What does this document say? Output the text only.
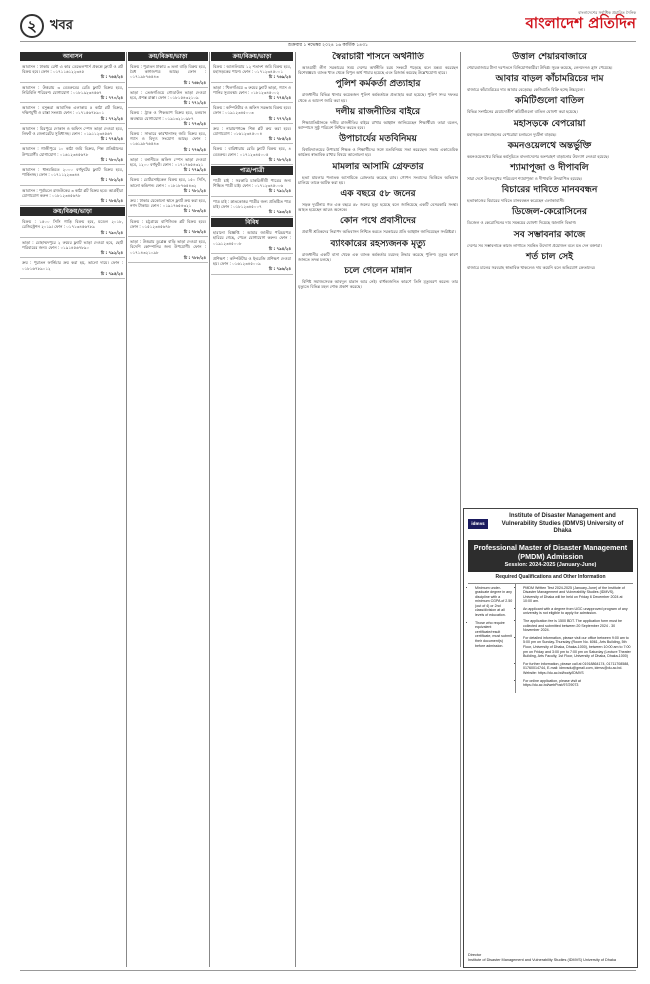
২	খবর
বাংলাদেশের সর্বাধিক প্রচারিত দৈনিক
বাংলাদেশ প্রতিদিন
শুক্রবার ১ নভেম্বর ২০২৪ ১৬ কার্তিক ১৪৩১
আবাসন
আবাসন : ঢাকায় রেন্ট এ কার ডেভেলপার্স প্রকল্পে ফ্ল্যাট ও প্লট বিক্রয় হবে। ফোন : ০১৭১১৬১২২৩৪৫
চি : ৭৬৫/২৪
আবাসন : উত্তরায় ৩ বেডরুমের রেডি ফ্ল্যাট বিক্রয় হবে, নিরিবিলি পরিবেশ। যোগাযোগ : ০১৮১৯২৩৪৫৬৭
চি : ৭৭০/২৪
আবাসন : বসুন্ধরা আবাসিক এলাকায় ৫ কাঠা প্লট বিক্রয়, দক্ষিণমুখী ও রাস্তা সংলগ্ন। ফোন : ০১৭১৫৬৭৮৯০১
চি : ৭৭২/২৪
আবাসন : মিরপুরে দোকান ও অফিস স্পেস ভাড়া দেওয়া হবে, লিফট ও জেনারেটর সুবিধাসহ। ফোন : ০১৯১১২৩৪৫৬৭
চি : ৭৭৫/২৪
আবাসন : গাজীপুরে ১০ কাঠা জমি বিক্রয়, শিল্প প্রতিষ্ঠানের উপযোগী। যোগাযোগ : ০১৬১২৩৪৫৬৭৮
চি : ৭৮০/২৪
আবাসন : ধানমন্ডিতে ২০০০ বর্গফুটের ফ্ল্যাট বিক্রয় হবে, পার্কিংসহ। ফোন : ০১৭১১২২৩৩৪৪
চি : ৭৮২/২৪
আবাসন : পূর্বাচলে রাজউকের ৩ কাঠা প্লট বিক্রয় হবে। আগ্রহীরা যোগাযোগ করুন : ০১৮১২৩৪৫৬৭৮
চি : ৭৮৪/২৪
ক্রয়/বিক্রয়/ভাড়া
বিক্রয় : ১৫০০ সিসি গাড়ি বিক্রয় হবে, মডেল ২০১৮, রেজিস্ট্রেশন ২০১৯। ফোন : ০১৭১৩৪৫৬৭৮৯
চি : ৭৯০/২৪
ভাড়া : মোহাম্মদপুরে ২ রুমের ফ্ল্যাট ভাড়া দেওয়া হবে, ছোট পরিবারের জন্য। ফোন : ০১৯১৪৫৬৭৮৯০
চি : ৭৯২/২৪
ক্রয় : পুরাতন ফার্নিচার ক্রয় করা হয়, ভালো দামে। ফোন : ০১৮১৬৭৮৯০১২
চি : ৭৯৫/২৪
ক্রয়/বিক্রয়/ভাড়া
বিক্রয় : পুরাতন ঢাকায় ৩ তলা বাড়ি বিক্রয় হবে, বৈধ কাগজপত্র আছে। ফোন : ০১৭১৯৮৭৬৫৪৩
চি : ৭৬৮/২৪
ভাড়া : তেজগাঁওয়ে গোডাউন ভাড়া দেওয়া হবে, প্রশস্ত রাস্তা। ফোন : ০১৮১৫৪৩২১০৯
চি : ৭৭১/২৪
বিক্রয় : ট্রাক ও পিকআপ বিক্রয় হবে, চলমান অবস্থায়। যোগাযোগ : ০১৯১৩২১০৯৮৭
চি : ৭৭৩/২৪
বিক্রয় : সাভারে কারখানাসহ জমি বিক্রয় হবে, গ্যাস ও বিদ্যুৎ সংযোগ আছে। ফোন : ০১৬১৯৮৭৬৫৪৩
চি : ৭৭৬/২৪
ভাড়া : বনানীতে অফিস স্পেস ভাড়া দেওয়া হবে, ১২০০ বর্গফুট। ফোন : ০১৭১৭৬৫৪৩২১
চি : ৭৭৯/২৪
বিক্রয় : মোটরসাইকেল বিক্রয় হবে, ১৫০ সিসি, ভালো কন্ডিশন। ফোন : ০১৮১৮৭৬৫৪৩২
চি : ৭৮১/২৪
ক্রয় : ঢাকার যেকোনো স্থানে ফ্ল্যাট ক্রয় করা হবে, নগদ টাকায়। ফোন : ০১৯১৭৬৫৪৩২১
চি : ৭৮৩/২৪
বিক্রয় : চট্টগ্রামে বাণিজ্যিক প্লট বিক্রয় হবে। ফোন : ০১৫১২৩৪৫৬৭৮
চি : ৭৮৬/২৪
ভাড়া : উত্তরায় ডুপ্লেক্স বাড়ি ভাড়া দেওয়া হবে, বিদেশি কোম্পানির জন্য উপযোগী। ফোন : ০১৭১৪৩২১০৯৮
চি : ৭৮৮/২৪
ক্রয়/বিক্রয়/ভাড়া
বিক্রয় : আশুলিয়ায় ১২ শতাংশ জমি বিক্রয় হবে, মহাসড়কের পাশে। ফোন : ০১৭১২৩৪৫০০১
চি : ৭৬৯/২৪
ভাড়া : খিলগাঁওয়ে ৩ রুমের ফ্ল্যাট ভাড়া, গ্যাস ও পানির সুব্যবস্থা। ফোন : ০১৮১২৩৪৫০০২
চি : ৭৭৪/২৪
বিক্রয় : কম্পিউটার ও অফিস সরঞ্জাম বিক্রয় হবে। ফোন : ০১৯১২৩৪৫০০৩
চি : ৭৭৭/২৪
ক্রয় : নারায়ণগঞ্জে শিল্প প্লট ক্রয় করা হবে। যোগাযোগ : ০১৬১২৩৪৫০০৪
চি : ৭৮৫/২৪
বিক্রয় : বারিধারায় রেডি ফ্ল্যাট বিক্রয় হবে, ৪ বেডরুম। ফোন : ০১৭১২৩৪৫০০৫
চি : ৭৮৭/২৪
পাত্র/পাত্রী
পাত্রী চাই : সরকারি চাকরিজীবী পাত্রের জন্য শিক্ষিত পাত্রী চাই। ফোন : ০১৭১২৩৪৫০০৬
চি : ৭৯১/২৪
পাত্র চাই : স্নাতকোত্তর পাত্রীর জন্য প্রতিষ্ঠিত পাত্র চাই। ফোন : ০১৮১২৩৪৫০০৭
চি : ৭৯৩/২৪
বিবিধ
হারানো বিজ্ঞপ্তি : আমার জাতীয় পরিচয়পত্র হারিয়ে গেছে, পেলে যোগাযোগ করুন। ফোন : ০১৯১২৩৪৫০০৮
চি : ৭৯৪/২৪
প্রশিক্ষণ : কম্পিউটার ও ইংরেজি প্রশিক্ষণ দেওয়া হয়। ফোন : ০১৬১২৩৪৫০০৯
চি : ৭৯৬/২৪
স্বৈরাচারী শাসনে অর্থনীতি

আওয়ামী লীগ সরকারের সময় দেশের অর্থনীতি চরম সংকটে পড়েছে বলে মন্তব্য করেছেন বিশেষজ্ঞরা। ব্যাংক খাত থেকে বিপুল অর্থ পাচার হয়েছে এবং রিজার্ভ কমেছে উল্লেখযোগ্য হারে।

পুলিশ কর্মকর্তা প্রত্যাহার

রাজধানীর বিভিন্ন থানার কয়েকজন পুলিশ কর্মকর্তাকে প্রত্যাহার করা হয়েছে। পুলিশ সদর দফতর থেকে এ আদেশ জারি করা হয়।

দলীয় রাজনীতির বাইরে

শিক্ষাপ্রতিষ্ঠানকে দলীয় রাজনীতির বাইরে রাখার আহ্বান জানিয়েছেন শিক্ষার্থীরা। তারা বলেন, ক্যাম্পাসে সুষ্ঠু পরিবেশ নিশ্চিত করতে হবে।

উপাচার্যের মতবিনিময়

বিশ্ববিদ্যালয়ের উপাচার্য শিক্ষক ও শিক্ষার্থীদের সঙ্গে মতবিনিময় সভা করেছেন। সভায় একাডেমিক কার্যক্রম স্বাভাবিক রাখার বিষয়ে আলোচনা হয়।

মামলার আসামি গ্রেফতার

হত্যা মামলার পলাতক আসামিকে গ্রেফতার করেছে র‌্যাব। গোপন সংবাদের ভিত্তিতে অভিযান চালিয়ে তাকে আটক করা হয়।

এক বছরে ৫৮ জনের

সড়ক দুর্ঘটনায় গত এক বছরে ৫৮ জনের মৃত্যু হয়েছে বলে জানিয়েছে একটি বেসরকারি সংস্থা। আহত হয়েছেন আরও অনেকে।

কোন পথে প্রবাসীদের

প্রবাসী শ্রমিকদের নিরাপদ অভিবাসন নিশ্চিত করতে সরকারের প্রতি আহ্বান জানিয়েছেন সংশ্লিষ্টরা।

ব্যাংকারের রহস্যজনক মৃত্যু

রাজধানীর একটি বাসা থেকে এক ব্যাংক কর্মকর্তার মরদেহ উদ্ধার করেছে পুলিশ। মৃত্যুর কারণ জানতে তদন্ত চলছে।

চলে গেলেন মান্নান

বিশিষ্ট সমাজসেবক আবদুল মান্নান আর নেই। বার্ধক্যজনিত কারণে তিনি মৃত্যুবরণ করেন। তার মৃত্যুতে বিভিন্ন মহল শোক প্রকাশ করেছে।

উত্তাল শেয়ারবাজারে

শেয়ারবাজারে টানা দরপতনে বিনিয়োগকারীরা উদ্বিগ্ন। সূচক কমেছে, লেনদেনও হ্রাস পেয়েছে।

আবার বাড়ল কাঁচামরিচের দাম

বাজারে কাঁচামরিচের দাম আবার বেড়েছে। কেজিপ্রতি বিক্রি হচ্ছে উচ্চমূল্যে।

কমিটিগুলো বাতিল

বিভিন্ন সংগঠনের মেয়াদোত্তীর্ণ কমিটিগুলো বাতিল ঘোষণা করা হয়েছে।

মহাসড়কে বেপরোয়া

মহাসড়কে যানবাহনের বেপরোয়া চলাচলে দুর্ঘটনা বাড়ছে।

কমনওয়েলথে অন্তর্ভুক্তি

কমনওয়েলথের বিভিন্ন কর্মসূচিতে বাংলাদেশের অংশগ্রহণ বাড়ানোর উদ্যোগ নেওয়া হয়েছে।

শ্যামাপূজা ও দীপাবলি

সারা দেশে উৎসবমুখর পরিবেশে শ্যামাপূজা ও দীপাবলি উদযাপিত হয়েছে।

বিচারের দাবিতে মানববন্ধন

হত্যাকাণ্ডের বিচারের দাবিতে মানববন্ধন করেছেন এলাকাবাসী।

ডিজেল-কেরোসিনের

ডিজেল ও কেরোসিনের দাম সমন্বয়ের ঘোষণা দিয়েছে জ্বালানি বিভাগ।

সব সম্ভাবনার কাজে

দেশের সব সম্ভাবনাকে কাজে লাগাতে সমন্বিত উদ্যোগ প্রয়োজন বলে মত দেন বক্তারা।

শর্ত চাল সেই

বাজারে চালের সরবরাহ স্বাভাবিক থাকলেও দাম কমেনি বলে অভিযোগ ক্রেতাদের।

idmvs
Institute of Disaster Management and Vulnerability Studies (IDMVS) University of Dhaka
Professional Master of Disaster Management (PMDM) Admission
Session: 2024-2025 (January-June)
Required Qualifications and Other Information
• Minimum under-graduate degree in any discipline with a minimum CGPA of 2.50 (out of 4) or 2nd class/division at all levels of education.
• Those who require equivalent certificate/result certificate, must submit their document(s) before admission.
• PMDM Written Test 2024-2025 (January-June) of the Institute of Disaster Management and Vulnerability Studies (IDMVS), University of Dhaka will be held on Friday 6 December 2024 at 10:00 am.
• An applicant with a degree from UGC unapproved program of any university is not eligible to apply for admission.
• The application fee is 1500 BDT. The application form must be collected and submitted between 20 September 2024 - 30 November 2024.
• For detailed information, please visit our office between 9:00 am to 5:00 pm on Sunday-Thursday (Room No. 6061, Arts Building, 5th Floor, University of Dhaka, Dhaka-1000), between 10:00 am to 7:00 pm on Friday and 3:00 pm to 7:00 pm on Saturday (Lecture Theater Building, Arts Faculty, 1st Floor, University of Dhaka, Dhaka-1000)
• For further information, please call at 01918864174, 01711708588, 01760014744, E-mail: idmvsdu@gmail.com, idmvs@du.ac.bd. Website: https://du.ac.bd/body/IDMVS
• For online application, please visit at https://du.ac.bd/webPost/97/29073
Director
Institute of Disaster Management and Vulnerability Studies (IDMVS) University of Dhaka
